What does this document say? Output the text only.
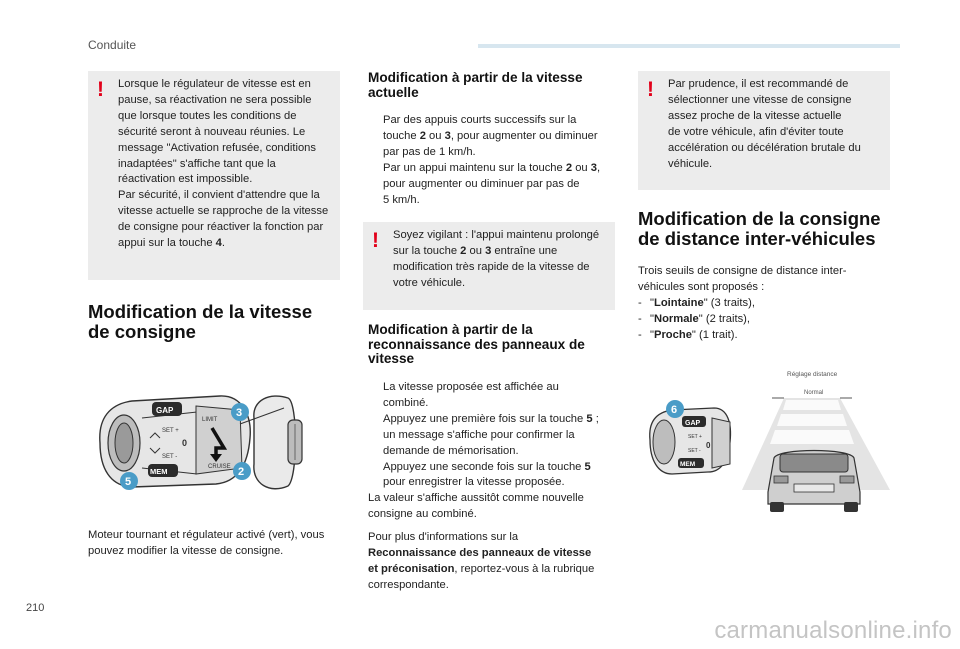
Conduite
! Lorsque le régulateur de vitesse est en

pause, sa réactivation ne sera possible

que lorsque toutes les conditions de

sécurité seront à nouveau réunies. Le

message "Activation refusée, conditions

inadaptées" s'affiche tant que la

réactivation est impossible.

Par sécurité, il convient d'attendre que la

vitesse actuelle se rapproche de la vitesse

de consigne pour réactiver la fonction par

appui sur la touche 4.

Modification de la vitesse
de consigne
GAP
MEM
SET +
SET -
0
LIMIT
CRUISE
3
2
5

Moteur tournant et régulateur activé (vert), vous

pouvez modifier la vitesse de consigne.

Modification à partir de la vitesse
actuelle

Par des appuis courts successifs sur la

touche 2 ou 3, pour augmenter ou diminuer

par pas de 1 km/h.

Par un appui maintenu sur la touche 2 ou 3,

pour augmenter ou diminuer par pas de

5 km/h.

! Soyez vigilant : l'appui maintenu prolongé

sur la touche 2 ou 3 entraîne une

modification très rapide de la vitesse de

votre véhicule.

Modification à partir de la
reconnaissance des panneaux de
vitesse

La vitesse proposée est affichée au

combiné.

Appuyez une première fois sur la touche 5 ;

un message s'affiche pour confirmer la

demande de mémorisation.

Appuyez une seconde fois sur la touche 5

pour enregistrer la vitesse proposée.

La valeur s'affiche aussitôt comme nouvelle

consigne au combiné.

Pour plus d'informations sur la

Reconnaissance des panneaux de vitesse

et préconisation, reportez-vous à la rubrique

correspondante.

! Par prudence, il est recommandé de

sélectionner une vitesse de consigne

assez proche de la vitesse actuelle

de votre véhicule, afin d'éviter toute

accélération ou décélération brutale du

véhicule.

Modification de la consigne
de distance inter-véhicules

Trois seuils de consigne de distance inter-

véhicules sont proposés :

- "Lointaine" (3 traits),
- "Normale" (2 traits),
- "Proche" (1 trait).
Réglage distance
Normal
GAP
MEM
SET +
SET -
0
6
210
carmanualsonline.info
